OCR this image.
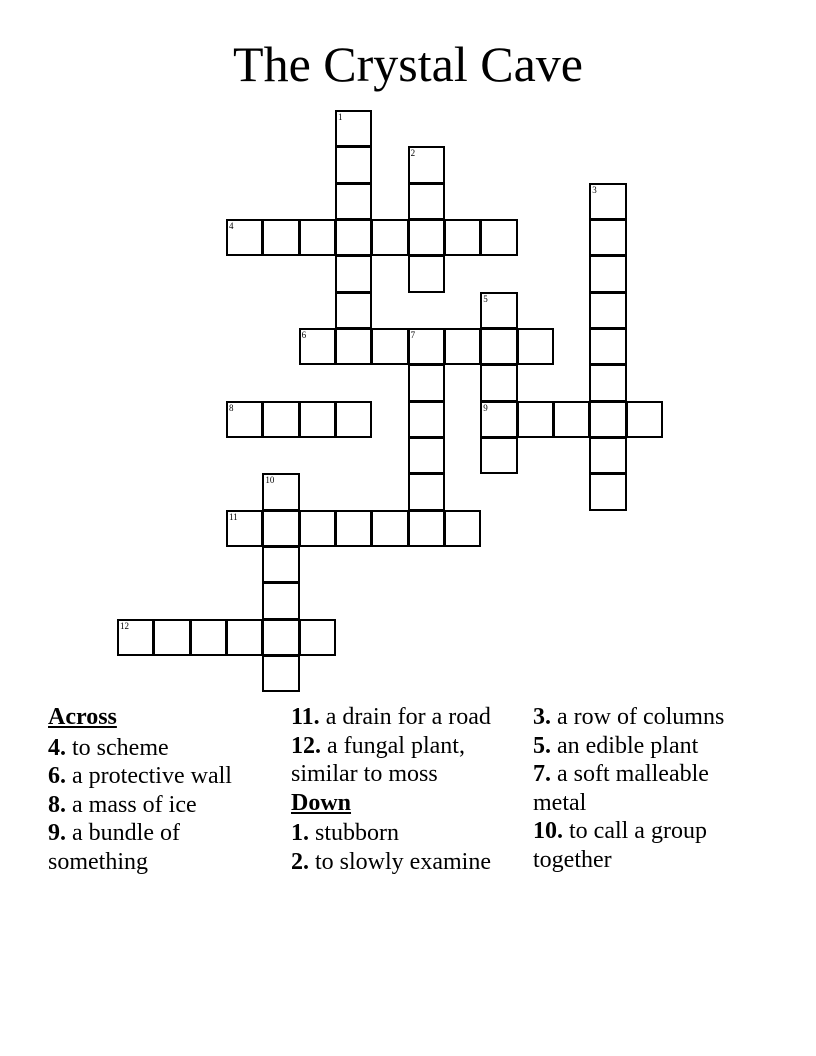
The Crystal Cave
1
2
3
4
5
9
6	7
8
10
11
12
Across
4. to scheme
6. a protective wall
8. a mass of ice
9. a bundle of something
11. a drain for a road
12. a fungal plant, similar to moss
Down
1. stubborn
2. to slowly examine
3. a row of columns
5. an edible plant
7. a soft malleable metal
10. to call a group together
